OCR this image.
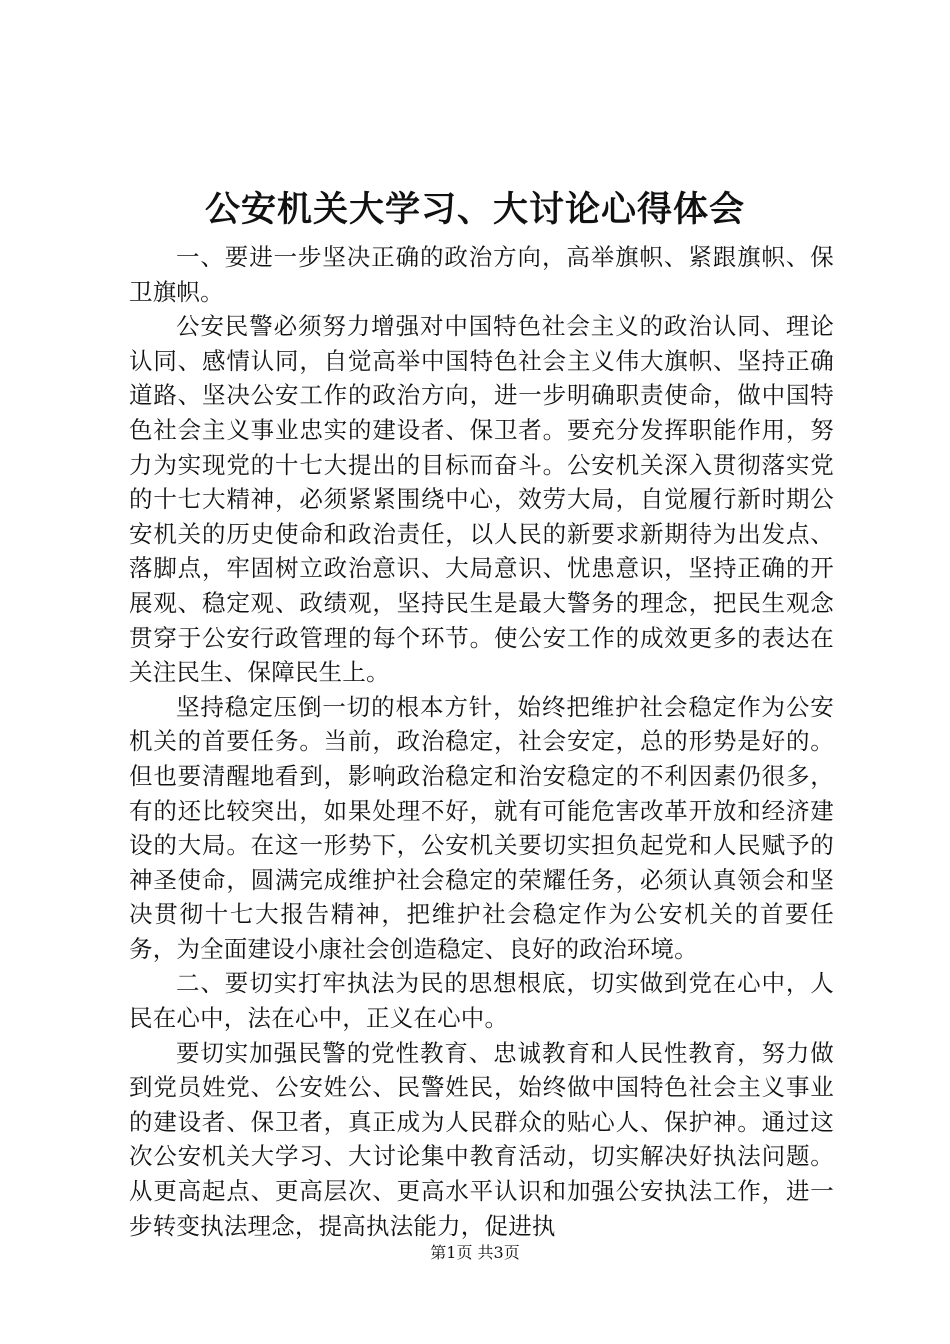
公安机关大学习、大讨论心得体会

一、要进一步坚决正确的政治方向，高举旗帜、紧跟旗帜、保卫旗帜。

公安民警必须努力增强对中国特色社会主义的政治认同、理论认同、感情认同，自觉高举中国特色社会主义伟大旗帜、坚持正确道路、坚决公安工作的政治方向，进一步明确职责使命，做中国特色社会主义事业忠实的建设者、保卫者。要充分发挥职能作用，努力为实现党的十七大提出的目标而奋斗。公安机关深入贯彻落实党的十七大精神，必须紧紧围绕中心，效劳大局，自觉履行新时期公安机关的历史使命和政治责任，以人民的新要求新期待为出发点、落脚点，牢固树立政治意识、大局意识、忧患意识，坚持正确的开展观、稳定观、政绩观，坚持民生是最大警务的理念，把民生观念贯穿于公安行政管理的每个环节。使公安工作的成效更多的表达在关注民生、保障民生上。

坚持稳定压倒一切的根本方针，始终把维护社会稳定作为公安机关的首要任务。当前，政治稳定，社会安定，总的形势是好的。但也要清醒地看到，影响政治稳定和治安稳定的不利因素仍很多，有的还比较突出，如果处理不好，就有可能危害改革开放和经济建设的大局。在这一形势下，公安机关要切实担负起党和人民赋予的神圣使命，圆满完成维护社会稳定的荣耀任务，必须认真领会和坚决贯彻十七大报告精神，把维护社会稳定作为公安机关的首要任务，为全面建设小康社会创造稳定、良好的政治环境。

二、要切实打牢执法为民的思想根底，切实做到党在心中，人民在心中，法在心中，正义在心中。

要切实加强民警的党性教育、忠诚教育和人民性教育，努力做到党员姓党、公安姓公、民警姓民，始终做中国特色社会主义事业的建设者、保卫者，真正成为人民群众的贴心人、保护神。通过这次公安机关大学习、大讨论集中教育活动，切实解决好执法问题。从更高起点、更高层次、更高水平认识和加强公安执法工作，进一步转变执法理念，提高执法能力，促进执

第1页 共3页
